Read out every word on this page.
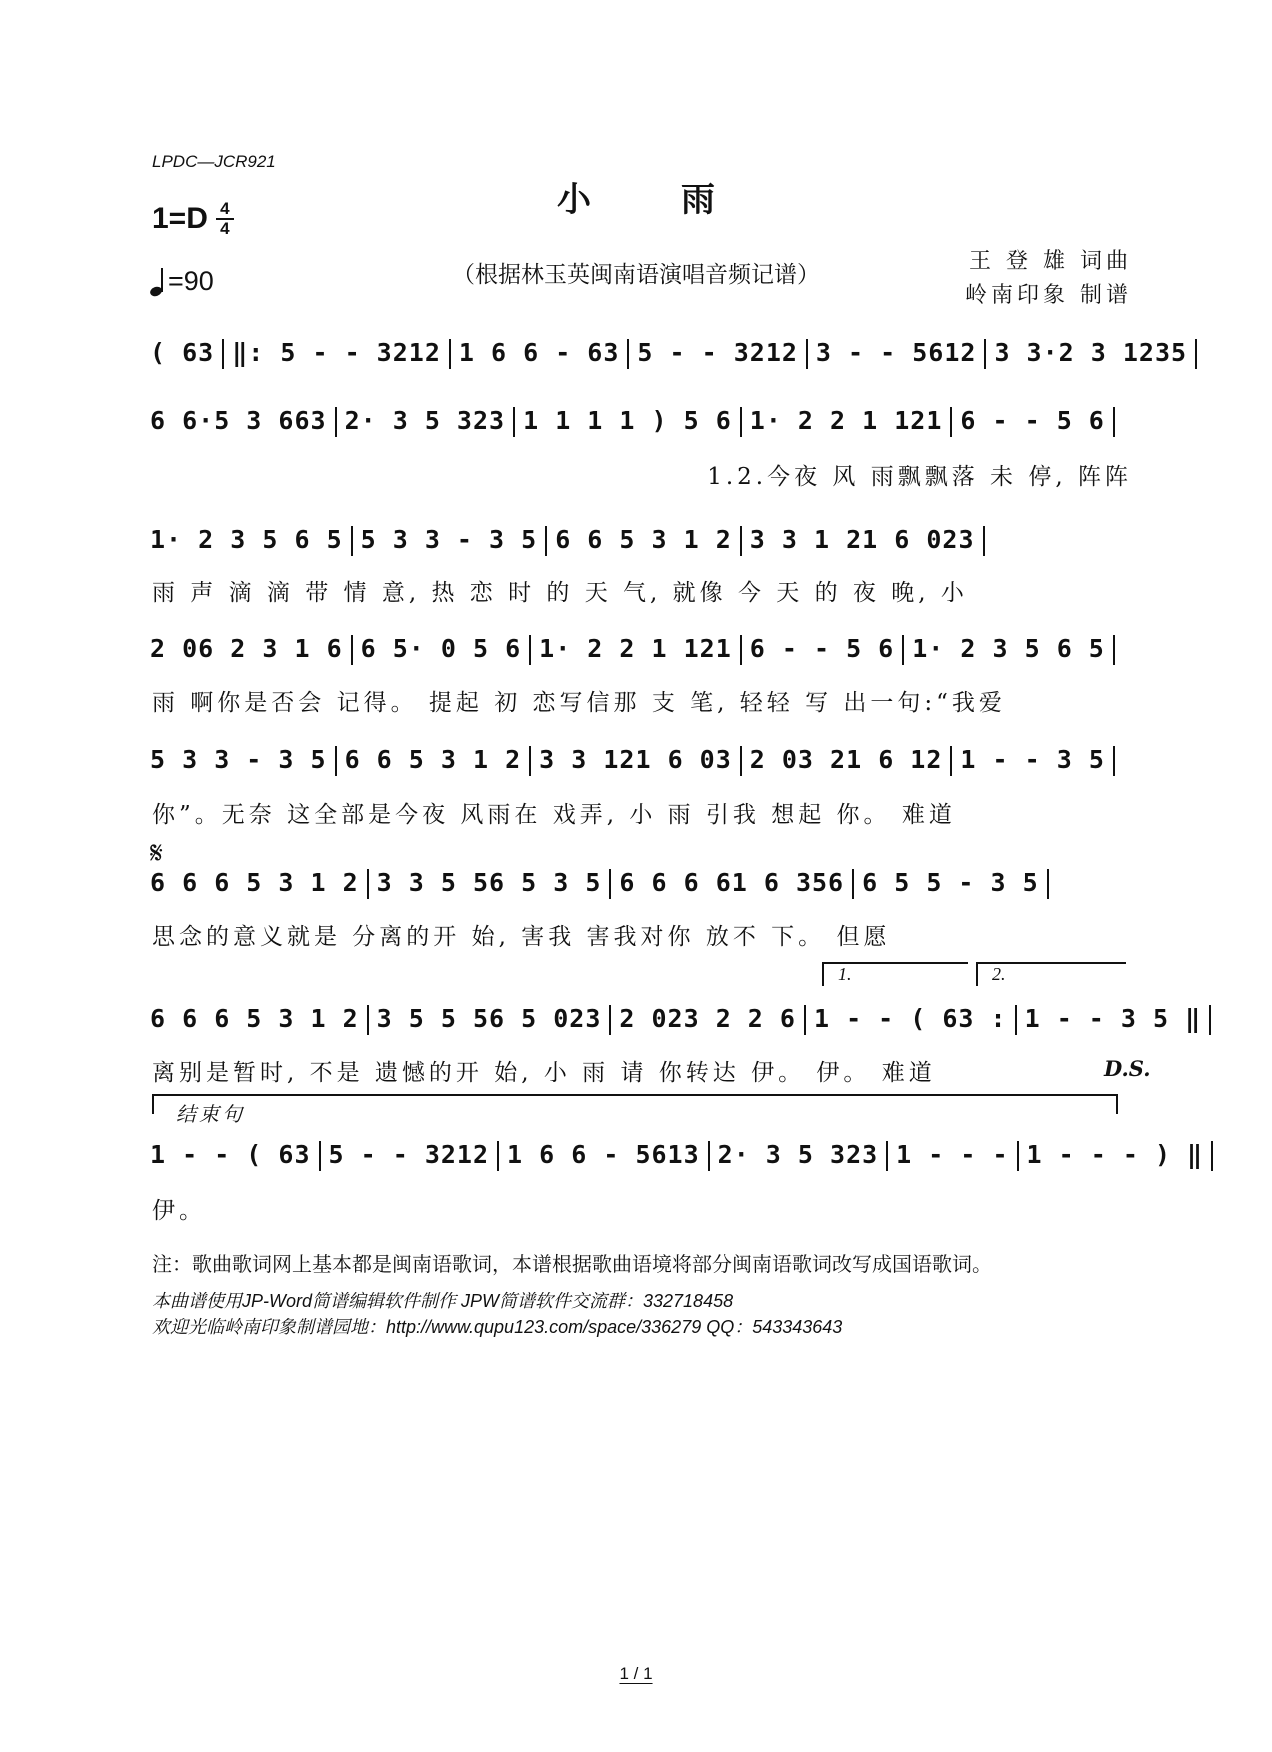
LPDC—JCR921
小雨
1=D 4
4
=90	（根据林玉英闽南语演唱音频记谱）
王 登 雄 词曲
岭南印象 制谱
( 63 ‖: 5 - - 3212 1 6 6 - 63 5 - - 3212 3 - - 5612 3 3·2 3 1235
6 6·5 3 663 2· 3 5 323 1 1 1 1 ) 5 6 1· 2 2 1 121 6 - - 5 6
1.2.今夜 风 雨飘飘落 未 停, 阵阵
1· 2 3 5 6 5 5 3 3 - 3 5 6 6 5 3 1 2 3 3 1 21 6 023
雨 声 滴 滴 带 情 意, 热 恋 时 的 天 气, 就像 今 天 的 夜 晚, 小
2 06 2 3 1 6 6 5· 0 5 6 1· 2 2 1 121 6 - - 5 6 1· 2 3 5 6 5
雨 啊你是否会 记得。 提起 初 恋写信那 支 笔, 轻轻 写 出一句:“我爱
5 3 3 - 3 5 6 6 5 3 1 2 3 3 121 6 03 2 03 21 6 12 1 - - 3 5
你”。无奈 这全部是今夜 风雨在 戏弄, 小 雨 引我 想起 你。 难道
𝄋
6 6 6 5 3 1 2 3 3 5 56 5 3 5 6 6 6 61 6 356 6 5 5 - 3 5
思念的意义就是 分离的开 始, 害我 害我对你 放不 下。 但愿
1.	2.
6 6 6 5 3 1 2 3 5 5 56 5 023 2 023 2 2 6 1 - - ( 63 : 1 - - 3 5 ‖
离别是暂时, 不是 遗憾的开 始, 小 雨 请 你转达 伊。 伊。 难道	D.S.
结束句
1 - - ( 63 5 - - 3212 1 6 6 - 5613 2· 3 5 323 1 - - - 1 - - - ) ‖
伊。
注：歌曲歌词网上基本都是闽南语歌词，本谱根据歌曲语境将部分闽南语歌词改写成国语歌词。
本曲谱使用JP-Word简谱编辑软件制作 JPW简谱软件交流群：332718458
欢迎光临岭南印象制谱园地：http://www.qupu123.com/space/336279 QQ：543343643
1 / 1
